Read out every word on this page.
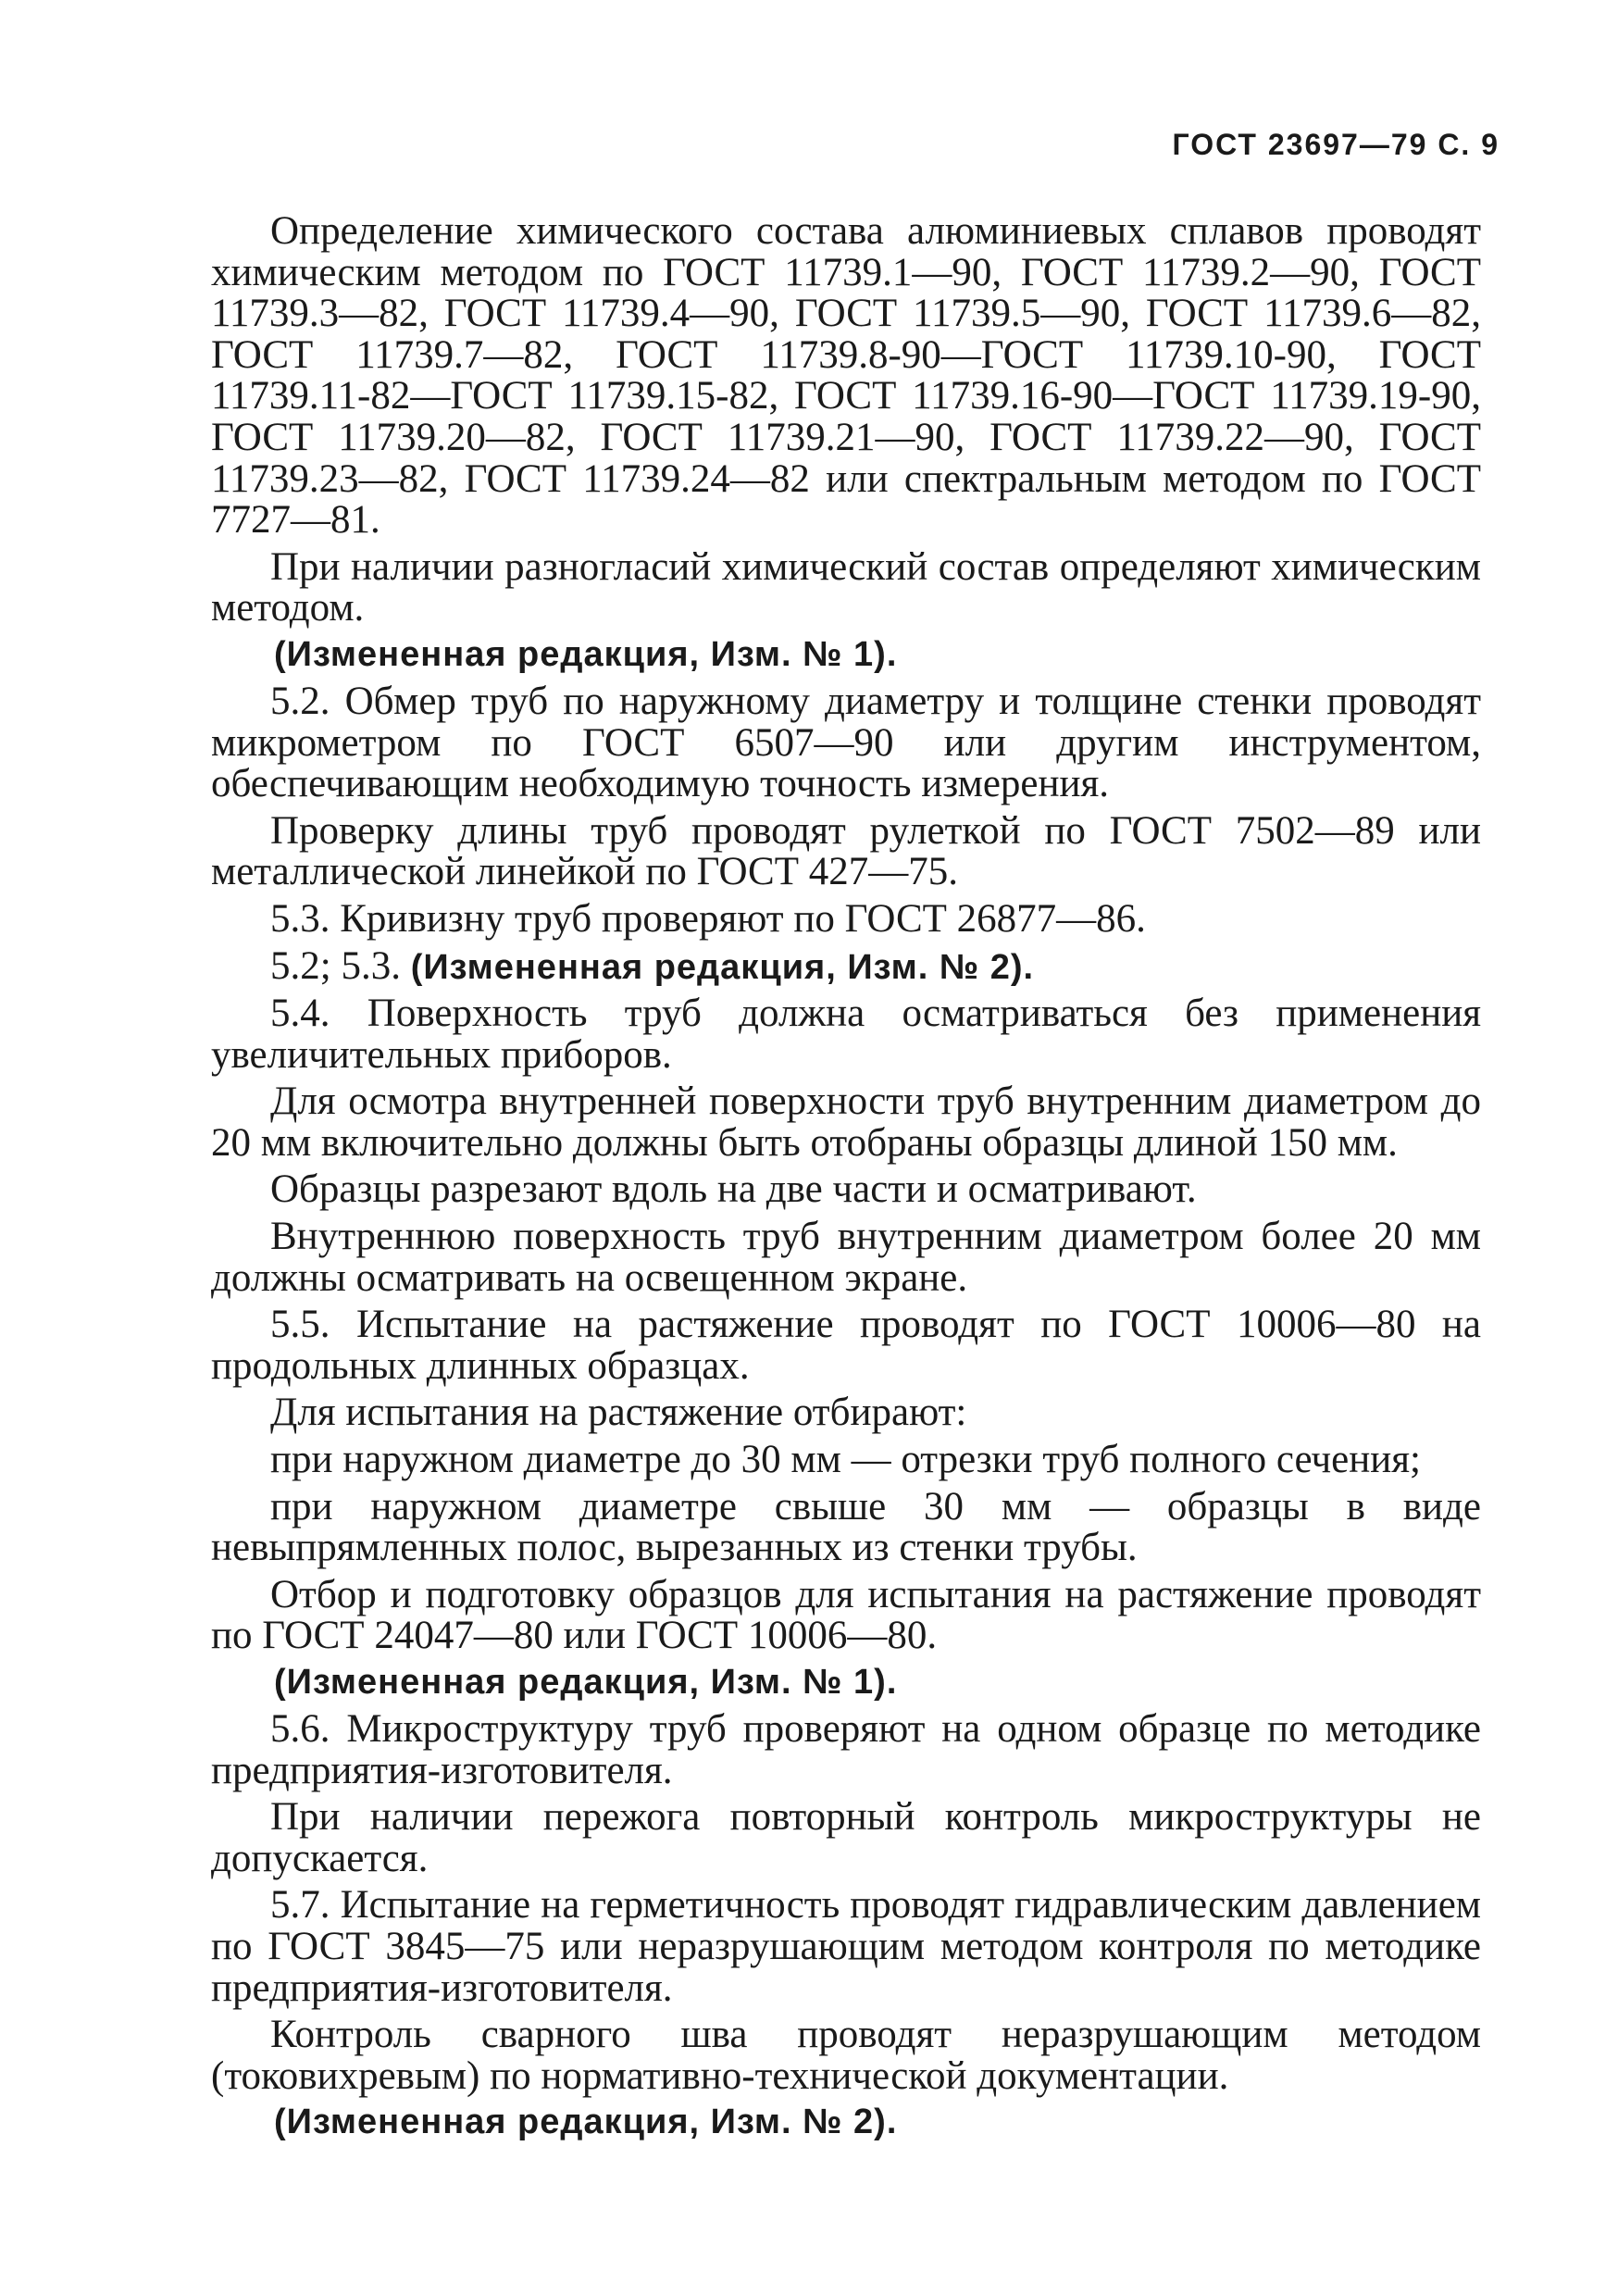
ГОСТ 23697—79 С. 9

Определение химического состава алюминиевых сплавов проводят химическим методом по ГОСТ 11739.1—90, ГОСТ 11739.2—90, ГОСТ 11739.3—82, ГОСТ 11739.4—90, ГОСТ 11739.5—90, ГОСТ 11739.6—82, ГОСТ 11739.7—82, ГОСТ 11739.8-90—ГОСТ 11739.10-90, ГОСТ 11739.11-82—ГОСТ 11739.15-82, ГОСТ 11739.16-90—ГОСТ 11739.19-90, ГОСТ 11739.20—82, ГОСТ 11739.21—90, ГОСТ 11739.22—90, ГОСТ 11739.23—82, ГОСТ 11739.24—82 или спектральным методом по ГОСТ 7727—81.

При наличии разногласий химический состав определяют химическим методом.

(Измененная редакция, Изм. № 1).

5.2. Обмер труб по наружному диаметру и толщине стенки проводят микрометром по ГОСТ 6507—90 или другим инструментом, обеспечивающим необходимую точность измерения.

Проверку длины труб проводят рулеткой по ГОСТ 7502—89 или металлической линейкой по ГОСТ 427—75.

5.3. Кривизну труб проверяют по ГОСТ 26877—86.

5.2; 5.3. (Измененная редакция, Изм. № 2).

5.4. Поверхность труб должна осматриваться без применения увеличительных приборов.

Для осмотра внутренней поверхности труб внутренним диаметром до 20 мм включительно должны быть отобраны образцы длиной 150 мм.

Образцы разрезают вдоль на две части и осматривают.

Внутреннюю поверхность труб внутренним диаметром более 20 мм должны осматривать на освещенном экране.

5.5. Испытание на растяжение проводят по ГОСТ 10006—80 на продольных длинных образцах.

Для испытания на растяжение отбирают:

при наружном диаметре до 30 мм — отрезки труб полного сечения;

при наружном диаметре свыше 30 мм — образцы в виде невыпрямленных полос, вырезанных из стенки трубы.

Отбор и подготовку образцов для испытания на растяжение проводят по ГОСТ 24047—80 или ГОСТ 10006—80.

(Измененная редакция, Изм. № 1).

5.6. Микроструктуру труб проверяют на одном образце по методике предприятия-изготовителя.

При наличии пережога повторный контроль микроструктуры не допускается.

5.7. Испытание на герметичность проводят гидравлическим давлением по ГОСТ 3845—75 или неразрушающим методом контроля по методике предприятия-изготовителя.

Контроль сварного шва проводят неразрушающим методом (токовихревым) по нормативно-технической документации.

(Измененная редакция, Изм. № 2).
